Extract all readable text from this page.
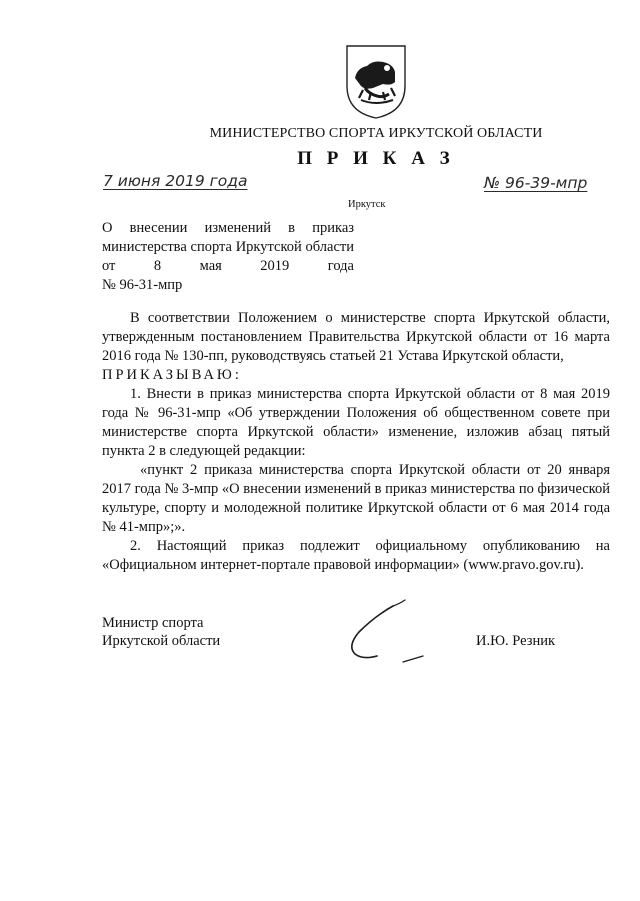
МИНИСТЕРСТВО СПОРТА ИРКУТСКОЙ ОБЛАСТИ
П Р И К А З
7 июня 2019 года	№ 96-39-мпр
Иркутск
О внесении изменений в приказ министерства спорта Иркутской области от 8 мая 2019 года
№ 96-31-мпр

В соответствии Положением о министерстве спорта Иркутской области, утвержденным постановлением Правительства Иркутской области от 16 марта 2016 года № 130-пп, руководствуясь статьей 21 Устава Иркутской области,

ПРИКАЗЫВАЮ:

1. Внести в приказ министерства спорта Иркутской области от 8 мая 2019 года № 96-31-мпр «Об утверждении Положения об общественном совете при министерстве спорта Иркутской области» изменение, изложив абзац пятый пункта 2 в следующей редакции:

«пункт 2 приказа министерства спорта Иркутской области от 20 января 2017 года № 3-мпр «О внесении изменений в приказ министерства по физической культуре, спорту и молодежной политике Иркутской области от 6 мая 2014 года № 41-мпр»;».

2. Настоящий приказ подлежит официальному опубликованию на «Официальном интернет-портале правовой информации» (www.pravo.gov.ru).

Министр спорта
Иркутской области	И.Ю. Резник
